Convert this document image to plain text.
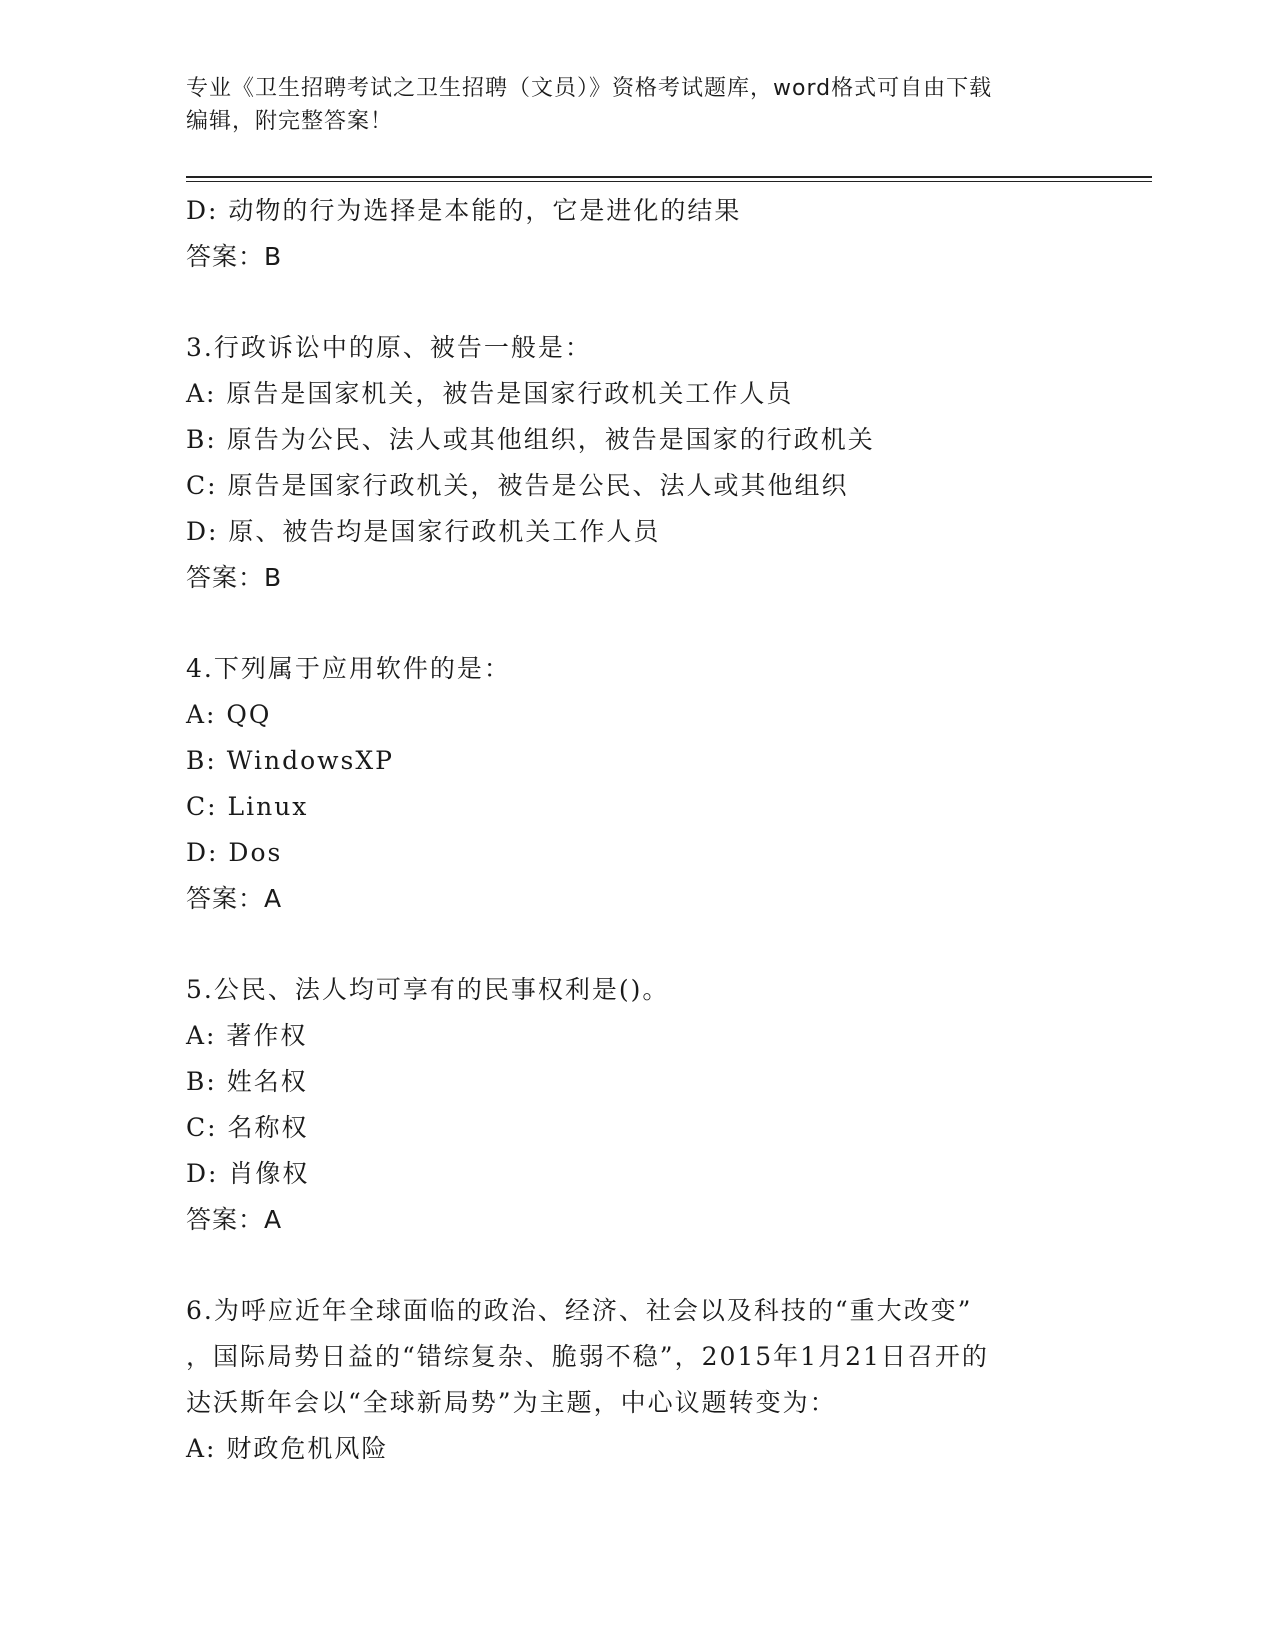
专业《卫生招聘考试之卫生招聘（文员）》资格考试题库，word格式可自由下载
编辑，附完整答案！
D: 动物的行为选择是本能的，它是进化的结果
答案：B
3.行政诉讼中的原、被告一般是：
A: 原告是国家机关，被告是国家行政机关工作人员
B: 原告为公民、法人或其他组织，被告是国家的行政机关
C: 原告是国家行政机关，被告是公民、法人或其他组织
D: 原、被告均是国家行政机关工作人员
答案：B
4.下列属于应用软件的是：
A: QQ
B: WindowsXP
C: Linux
D: Dos
答案：A
5.公民、法人均可享有的民事权利是()。
A: 著作权
B: 姓名权
C: 名称权
D: 肖像权
答案：A
6.为呼应近年全球面临的政治、经济、社会以及科技的“重大改变”
，国际局势日益的“错综复杂、脆弱不稳”，2015年1月21日召开的
达沃斯年会以“全球新局势”为主题，中心议题转变为：
A: 财政危机风险
